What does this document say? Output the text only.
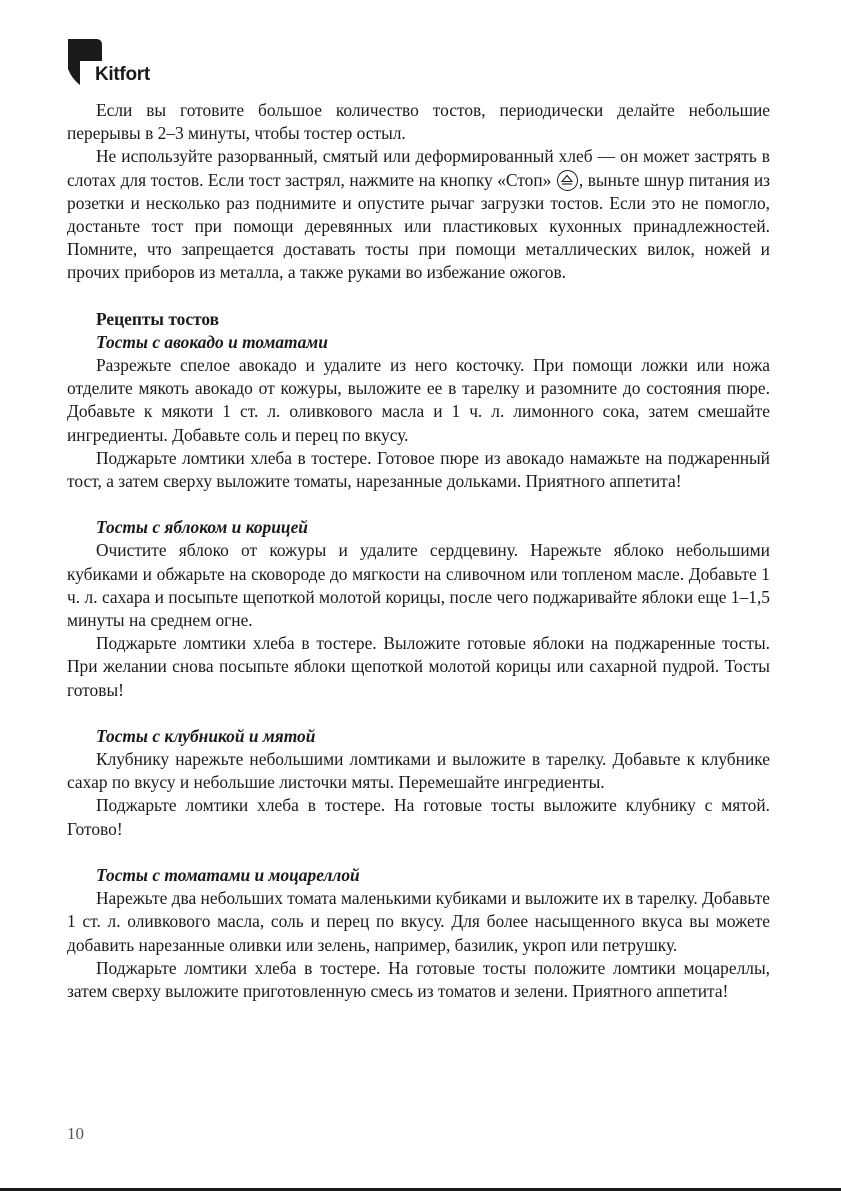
Kitfort

Если вы готовите большое количество тостов, периодически делайте небольшие перерывы в 2–3 минуты, чтобы тостер остыл.

Не используйте разорванный, смятый или деформированный хлеб — он может застрять в слотах для тостов. Если тост застрял, нажмите на кнопку «Стоп»
, выньте шнур питания из розетки и несколько раз поднимите и опустите рычаг загрузки тостов. Если это не помогло, достаньте тост при помощи деревянных или пластиковых кухонных принадлежностей. Помните, что запрещается доставать тосты при помощи металлических вилок, ножей и прочих приборов из металла, а также руками во избежание ожогов.

Рецепты тостов
Тосты с авокадо и томатами

Разрежьте спелое авокадо и удалите из него косточку. При помощи ложки или ножа отделите мякоть авокадо от кожуры, выложите ее в тарелку и разомните до состояния пюре. Добавьте к мякоти 1 ст. л. оливкового масла и 1 ч. л. лимонного сока, затем смешайте ингредиенты. Добавьте соль и перец по вкусу.

Поджарьте ломтики хлеба в тостере. Готовое пюре из авокадо намажьте на поджаренный тост, а затем сверху выложите томаты, нарезанные дольками. Приятного аппетита!

Тосты с яблоком и корицей

Очистите яблоко от кожуры и удалите сердцевину. Нарежьте яблоко небольшими кубиками и обжарьте на сковороде до мягкости на сливочном или топленом масле. Добавьте 1 ч. л. сахара и посыпьте щепоткой молотой корицы, после чего поджаривайте яблоки еще 1–1,5 минуты на среднем огне.

Поджарьте ломтики хлеба в тостере. Выложите готовые яблоки на поджаренные тосты. При желании снова посыпьте яблоки щепоткой молотой корицы или сахарной пудрой. Тосты готовы!

Тосты с клубникой и мятой

Клубнику нарежьте небольшими ломтиками и выложите в тарелку. Добавьте к клубнике сахар по вкусу и небольшие листочки мяты. Перемешайте ингредиенты.

Поджарьте ломтики хлеба в тостере. На готовые тосты выложите клубнику с мятой. Готово!

Тосты с томатами и моцареллой

Нарежьте два небольших томата маленькими кубиками и выложите их в тарелку. Добавьте 1 ст. л. оливкового масла, соль и перец по вкусу. Для более насыщенного вкуса вы можете добавить нарезанные оливки или зелень, например, базилик, укроп или петрушку.

Поджарьте ломтики хлеба в тостере. На готовые тосты положите ломтики моцареллы, затем сверху выложите приготовленную смесь из томатов и зелени. Приятного аппетита!

10
